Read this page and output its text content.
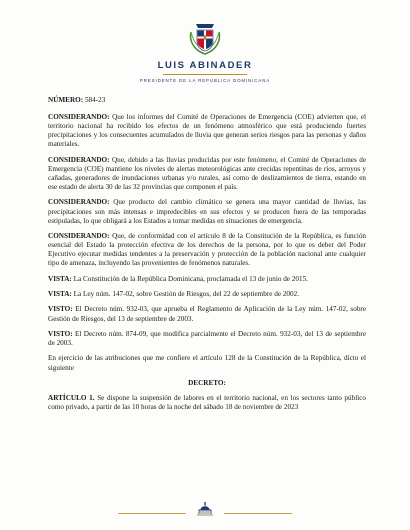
LUIS ABINADER
PRESIDENTE DE LA REPÚBLICA DOMINICANA

NÚMERO: 584-23

CONSIDERANDO: Que los informes del Comité de Operaciones de Emergencia (COE) advierten que, el territorio nacional ha recibido los efectos de un fenómeno atmosférico que está produciendo fuertes precipitaciones y los consecuentes acumulados de lluvia que generan serios riesgos para las personas y daños materiales.

CONSIDERANDO: Que, debido a las lluvias producidas por este fenómeno, el Comité de Operaciones de Emergencia (COE) mantiene los niveles de alertas meteorológicas ante crecidas repentinas de ríos, arroyos y cañadas, generadores de inundaciones urbanas y/o rurales, así como de deslizamientos de tierra, estando en ese estado de alerta 30 de las 32 provincias que componen el país.

CONSIDERANDO: Que producto del cambio climático se genera una mayor cantidad de lluvias, las precipitaciones son más intensas e impredecibles en sus efectos y se producen fuera de las temporadas estipuladas, lo que obligará a los Estados a tomar medidas en situaciones de emergencia.

CONSIDERANDO: Que, de conformidad con el artículo 8 de la Constitución de la República, es función esencial del Estado la protección efectiva de los derechos de la persona, por lo que es deber del Poder Ejecutivo ejecutar medidas tendentes a la preservación y protección de la población nacional ante cualquier tipo de amenaza, incluyendo las provenientes de fenómenos naturales.

VISTA: La Constitución de la República Dominicana, proclamada el 13 de junio de 2015.

VISTA: La Ley núm. 147-02, sobre Gestión de Riesgos, del 22 de septiembre de 2002.

VISTO: El Decreto núm. 932-03, que aprueba el Reglamento de Aplicación de la Ley núm. 147-02, sobre Gestión de Riesgos, del 13 de septiembre de 2003.

VISTO: El Decreto núm. 874-09, que modifica parcialmente el Decreto núm. 932-03, del 13 de septiembre de 2003.

En ejercicio de las atribuciones que me confiere el artículo 128 de la Constitución de la República, dicto el siguiente

DECRETO:

ARTÍCULO 1. Se dispone la suspensión de labores en el territorio nacional, en los sectores tanto público como privado, a partir de las 10 horas de la noche del sábado 18 de noviembre de 2023
